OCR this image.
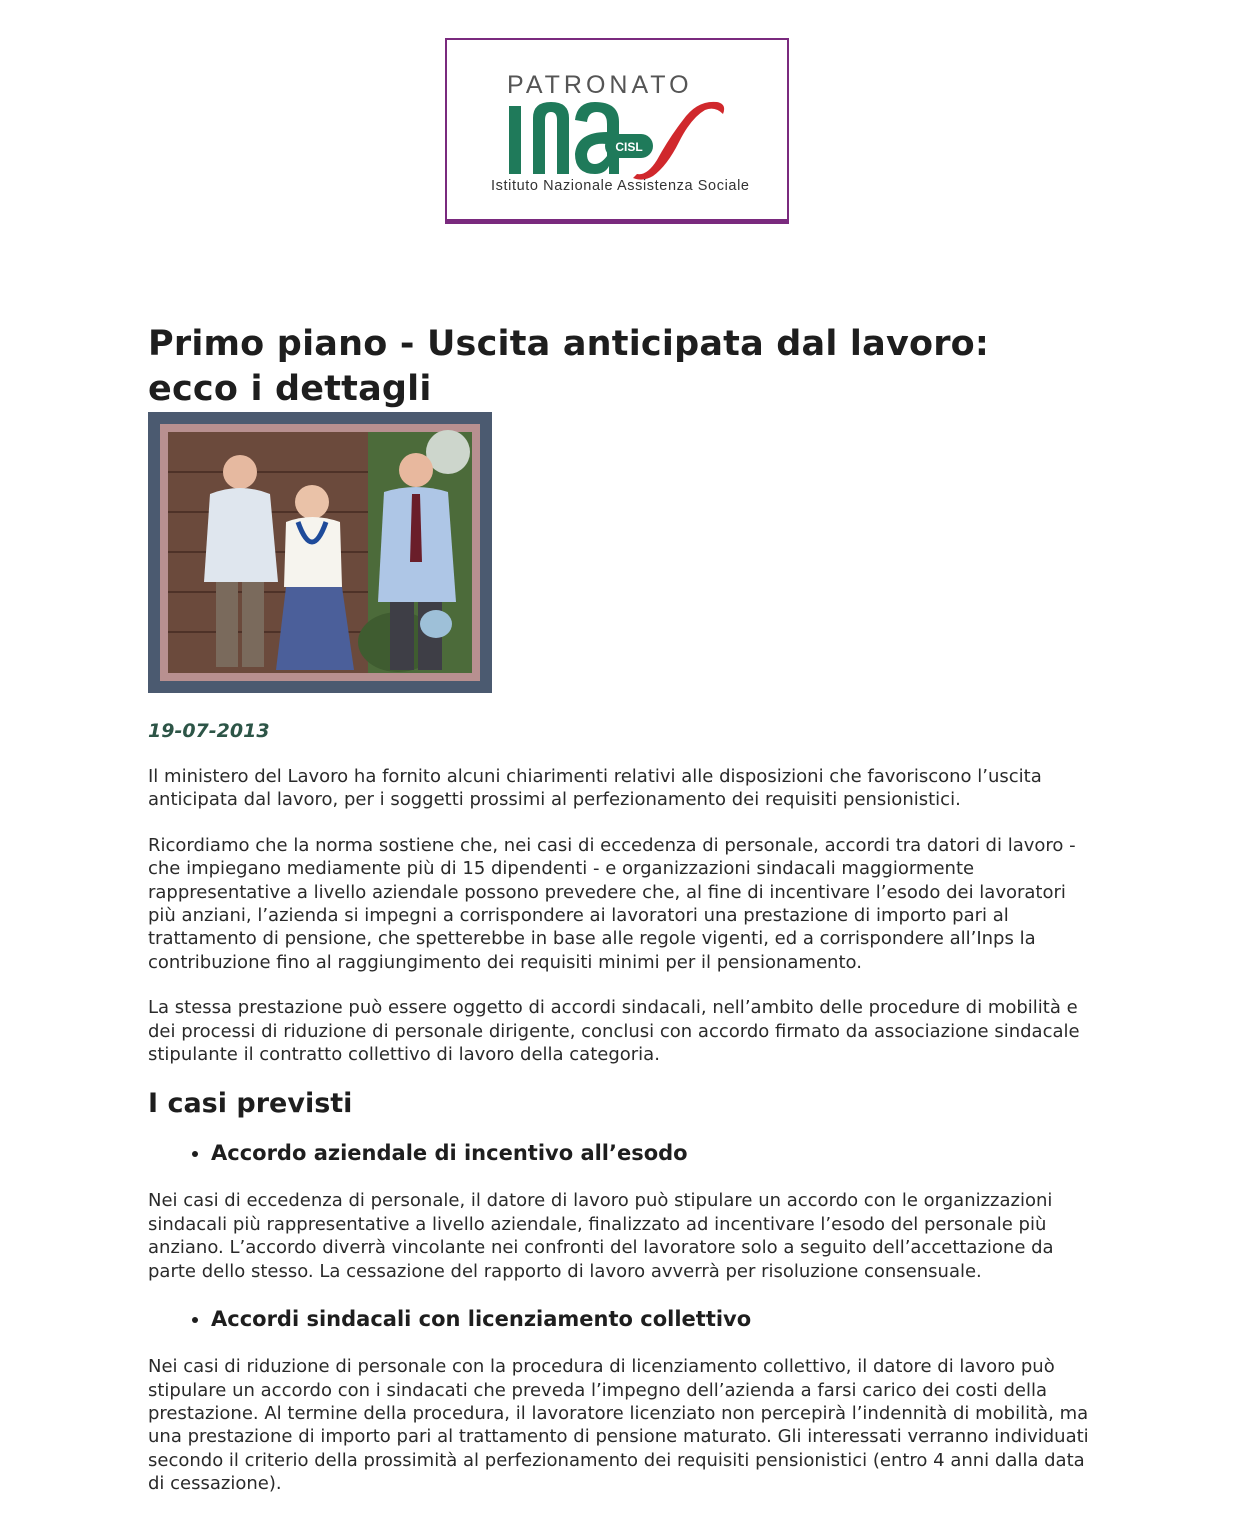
PATRONATO
CISL
Istituto Nazionale Assistenza Sociale
Primo piano - Uscita anticipata dal lavoro: ecco i dettagli
19-07-2013

Il ministero del Lavoro ha fornito alcuni chiarimenti relativi alle disposizioni che favoriscono l’uscita anticipata dal lavoro, per i soggetti prossimi al perfezionamento dei requisiti pensionistici.

Ricordiamo che la norma sostiene che, nei casi di eccedenza di personale, accordi tra datori di lavoro - che impiegano mediamente più di 15 dipendenti - e organizzazioni sindacali maggiormente rappresentative a livello aziendale possono prevedere che, al fine di incentivare l’esodo dei lavoratori più anziani, l’azienda si impegni a corrispondere ai lavoratori una prestazione di importo pari al trattamento di pensione, che spetterebbe in base alle regole vigenti, ed a corrispondere all’Inps la contribuzione fino al raggiungimento dei requisiti minimi per il pensionamento.

La stessa prestazione può essere oggetto di accordi sindacali, nell’ambito delle procedure di mobilità e dei processi di riduzione di personale dirigente, conclusi con accordo firmato da associazione sindacale stipulante il contratto collettivo di lavoro della categoria.

I casi previsti
• Accordo aziendale di incentivo all’esodo

Nei casi di eccedenza di personale, il datore di lavoro può stipulare un accordo con le organizzazioni sindacali più rappresentative a livello aziendale, finalizzato ad incentivare l’esodo del personale più anziano. L’accordo diverrà vincolante nei confronti del lavoratore solo a seguito dell’accettazione da parte dello stesso. La cessazione del rapporto di lavoro avverrà per risoluzione consensuale.

• Accordi sindacali con licenziamento collettivo

Nei casi di riduzione di personale con la procedura di licenziamento collettivo, il datore di lavoro può stipulare un accordo con i sindacati che preveda l’impegno dell’azienda a farsi carico dei costi della prestazione. Al termine della procedura, il lavoratore licenziato non percepirà l’indennità di mobilità, ma una prestazione di importo pari al trattamento di pensione maturato. Gli interessati verranno individuati secondo il criterio della prossimità al perfezionamento dei requisiti pensionistici (entro 4 anni dalla data di cessazione).
